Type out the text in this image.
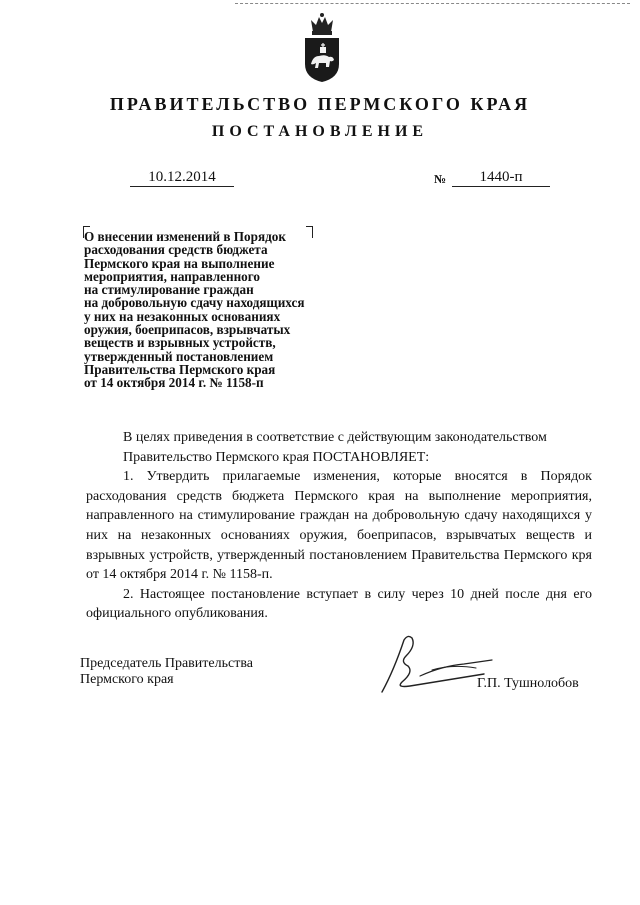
ПРАВИТЕЛЬСТВО ПЕРМСКОГО КРАЯ
ПОСТАНОВЛЕНИЕ
10.12.2014	№	1440-п
О внесении изменений в Порядок
расходования средств бюджета
Пермского края на выполнение
мероприятия, направленного
на стимулирование граждан
на добровольную сдачу находящихся
у них на незаконных основаниях
оружия, боеприпасов, взрывчатых
веществ и взрывных устройств,
утвержденный постановлением
Правительства Пермского края
от 14 октября 2014 г. № 1158-п

В целях приведения в соответствие с действующим законодательством

Правительство Пермского края ПОСТАНОВЛЯЕТ:

1. Утвердить прилагаемые изменения, которые вносятся в Порядок расходования средств бюджета Пермского края на выполнение мероприятия, направленного на стимулирование граждан на добровольную сдачу находящихся у них на незаконных основаниях оружия, боеприпасов, взрывчатых веществ и взрывных устройств, утвержденный постановлением Правительства Пермского кря от 14 октября 2014 г. № 1158-п.

2. Настоящее постановление вступает в силу через 10 дней после дня его официального опубликования.

Председатель Правительства
Пермского края	Г.П. Тушнолобов
